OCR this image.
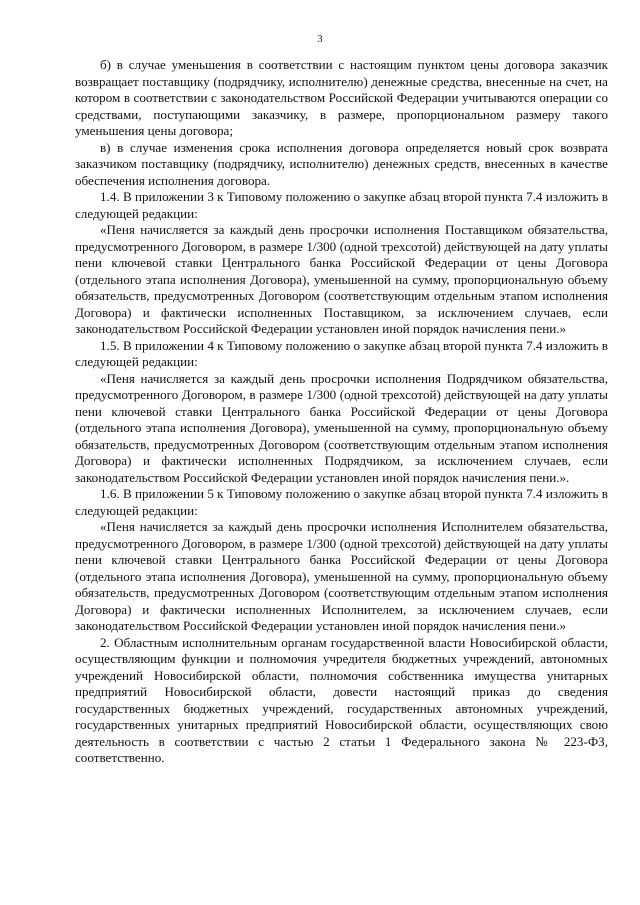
3

б) в случае уменьшения в соответствии с настоящим пунктом цены договора заказчик возвращает поставщику (подрядчику, исполнителю) денежные средства, внесенные на счет, на котором в соответствии с законодательством Российской Федерации учитываются операции со средствами, поступающими заказчику, в размере, пропорциональном размеру такого уменьшения цены договора;

в) в случае изменения срока исполнения договора определяется новый срок возврата заказчиком поставщику (подрядчику, исполнителю) денежных средств, внесенных в качестве обеспечения исполнения договора.

1.4. В приложении 3 к Типовому положению о закупке абзац второй пункта 7.4 изложить в следующей редакции:

«Пеня начисляется за каждый день просрочки исполнения Поставщиком обязательства, предусмотренного Договором, в размере 1/300 (одной трехсотой) действующей на дату уплаты пени ключевой ставки Центрального банка Российской Федерации от цены Договора (отдельного этапа исполнения Договора), уменьшенной на сумму, пропорциональную объему обязательств, предусмотренных Договором (соответствующим отдельным этапом исполнения Договора) и фактически исполненных Поставщиком, за исключением случаев, если законодательством Российской Федерации установлен иной порядок начисления пени.»

1.5. В приложении 4 к Типовому положению о закупке абзац второй пункта 7.4 изложить в следующей редакции:

«Пеня начисляется за каждый день просрочки исполнения Подрядчиком обязательства, предусмотренного Договором, в размере 1/300 (одной трехсотой) действующей на дату уплаты пени ключевой ставки Центрального банка Российской Федерации от цены Договора (отдельного этапа исполнения Договора), уменьшенной на сумму, пропорциональную объему обязательств, предусмотренных Договором (соответствующим отдельным этапом исполнения Договора) и фактически исполненных Подрядчиком, за исключением случаев, если законодательством Российской Федерации установлен иной порядок начисления пени.».

1.6. В приложении 5 к Типовому положению о закупке абзац второй пункта 7.4 изложить в следующей редакции:

«Пеня начисляется за каждый день просрочки исполнения Исполнителем обязательства, предусмотренного Договором, в размере 1/300 (одной трехсотой) действующей на дату уплаты пени ключевой ставки Центрального банка Российской Федерации от цены Договора (отдельного этапа исполнения Договора), уменьшенной на сумму, пропорциональную объему обязательств, предусмотренных Договором (соответствующим отдельным этапом исполнения Договора) и фактически исполненных Исполнителем, за исключением случаев, если законодательством Российской Федерации установлен иной порядок начисления пени.»

2. Областным исполнительным органам государственной власти Новосибирской области, осуществляющим функции и полномочия учредителя бюджетных учреждений, автономных учреждений Новосибирской области, полномочия собственника имущества унитарных предприятий Новосибирской области, довести настоящий приказ до сведения государственных бюджетных учреждений, государственных автономных учреждений, государственных унитарных предприятий Новосибирской области, осуществляющих свою деятельность в соответствии с частью 2 статьи 1 Федерального закона № 223-ФЗ, соответственно.
